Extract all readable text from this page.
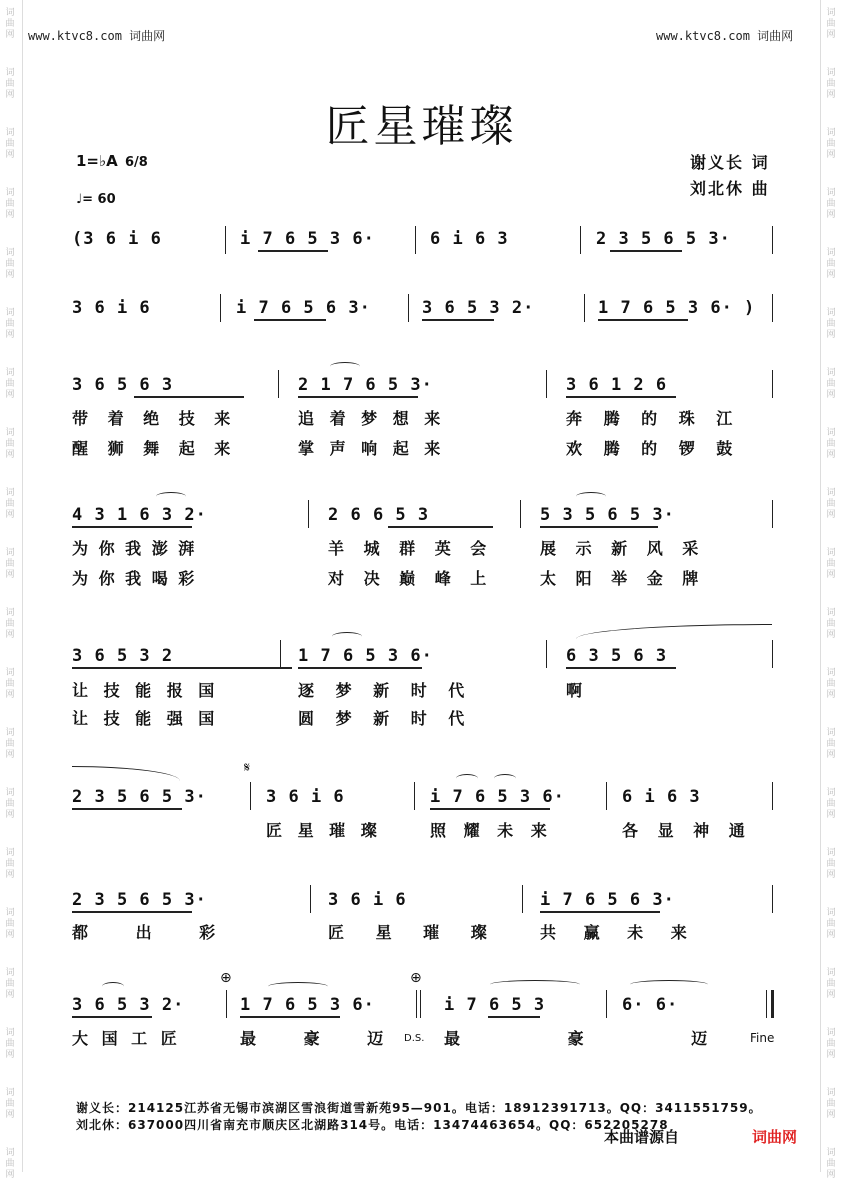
词曲网
词曲网
词曲网
词曲网
词曲网
词曲网
词曲网
词曲网
词曲网
词曲网
词曲网
词曲网
词曲网
词曲网
词曲网
词曲网
词曲网
词曲网
词曲网
词曲网
词曲网
词曲网
词曲网
词曲网
词曲网
词曲网
词曲网
词曲网
词曲网
词曲网
词曲网
词曲网
词曲网
词曲网
词曲网
词曲网
词曲网
词曲网
词曲网
词曲网
www.ktvc8.com 词曲网	www.ktvc8.com 词曲网
匠星璀璨
谢义长 词
刘北休 曲
1=♭A 6/8
♩= 60
(3 6 i 6	i 7 6 5 3 6·	6 i 6 3	2 3 5 6 5 3·
3 6 i 6	i 7 6 5 6 3·	3 6 5 3 2·	1 7 6 5 3 6· )
3 6 5 6 3	2 1 7 6 5 3·	3 6 1 2 6
带 着 绝 技 来	追 着 梦 想 来	奔 腾 的 珠 江
醒 狮 舞 起 来	掌 声 响 起 来	欢 腾 的 锣 鼓
4 3 1 6 3 2·	2 6 6 5 3	5 3 5 6 5 3·
为 你 我 澎 湃	羊 城 群 英 会	展 示 新 风 采
为 你 我 喝 彩	对 决 巅 峰 上	太 阳 举 金 牌
3 6 5 3 2	1 7 6 5 3 6·	6 3 5 6 3
让 技 能 报 国	逐 梦 新 时 代	啊
让 技 能 强 国	圆 梦 新 时 代
𝄋
2 3 5 6 5 3·	3 6 i 6	i 7 6 5 3 6·	6 i 6 3
匠 星 璀 璨	照 耀 未 来	各 显 神 通
2 3 5 6 5 3·	3 6 i 6	i 7 6 5 6 3·
都 出 彩	匠 星 璀 璨	共 赢 未 来
⊕	⊕
3 6 5 3 2·	1 7 6 5 3 6·	i 7 6 5 3	6· 6·
大 国 工 匠	最 豪 迈 D.S. 最 豪 迈	Fine
谢义长：214125江苏省无锡市滨湖区雪浪街道雪新苑95—901。电话：18912391713。QQ：3411551759。
刘北休：637000四川省南充市顺庆区北湖路314号。电话：13474463654。QQ：652205278
本曲谱源自	词曲网
